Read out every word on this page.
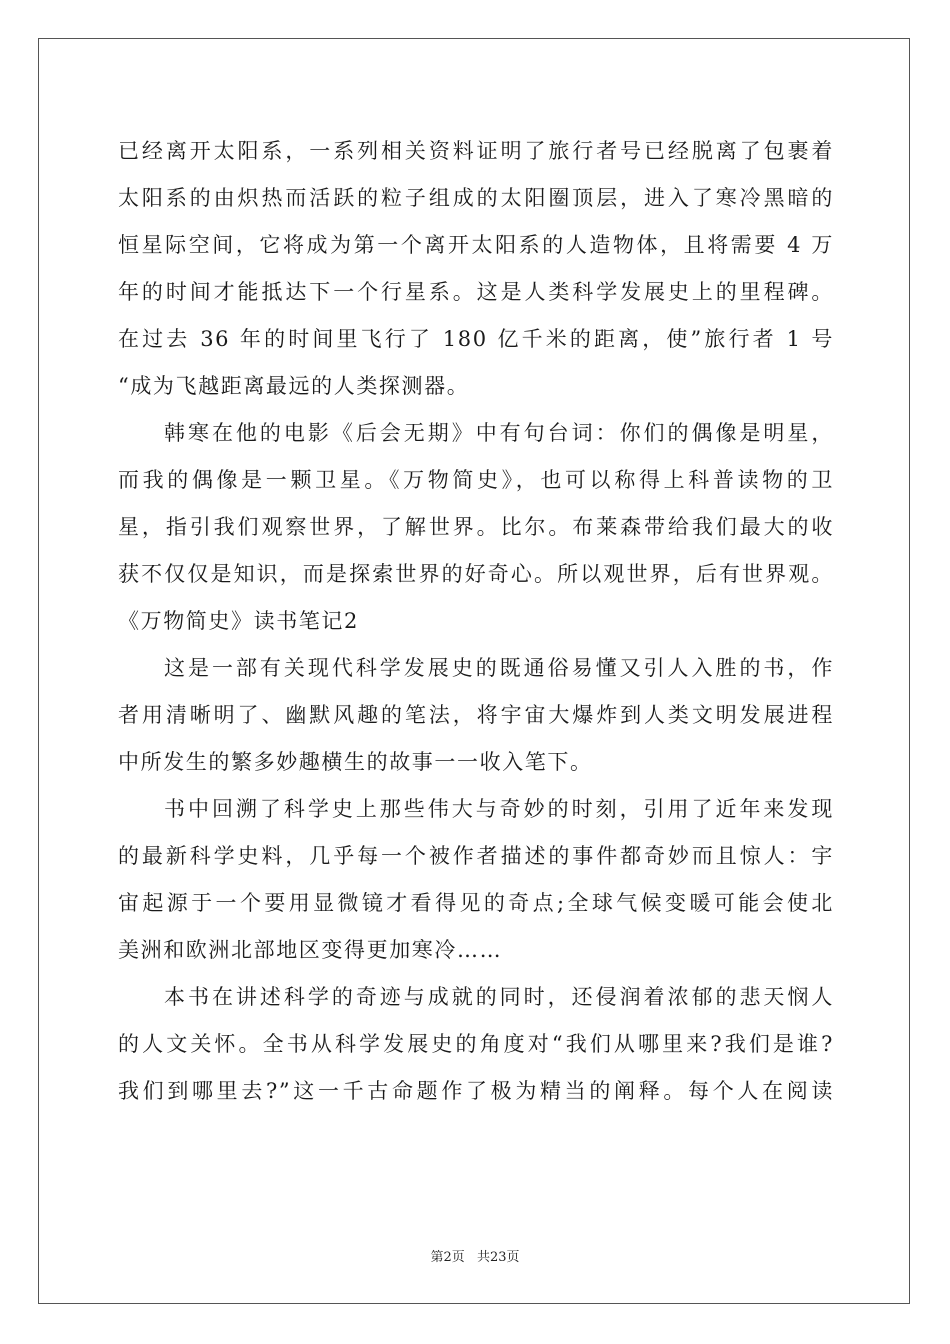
已经离开太阳系，一系列相关资料证明了旅行者号已经脱离了包裹着
太阳系的由炽热而活跃的粒子组成的太阳圈顶层，进入了寒冷黑暗的
恒星际空间，它将成为第一个离开太阳系的人造物体，且将需要 4 万
年的时间才能抵达下一个行星系。这是人类科学发展史上的里程碑。
在过去 36 年的时间里飞行了 180 亿千米的距离，使”旅行者 1 号
“成为飞越距离最远的人类探测器。
韩寒在他的电影《后会无期》中有句台词：你们的偶像是明星，
而我的偶像是一颗卫星。《万物简史》，也可以称得上科普读物的卫
星，指引我们观察世界，了解世界。比尔。布莱森带给我们最大的收
获不仅仅是知识，而是探索世界的好奇心。所以观世界，后有世界观。
《万物简史》读书笔记2
这是一部有关现代科学发展史的既通俗易懂又引人入胜的书，作
者用清晰明了、幽默风趣的笔法，将宇宙大爆炸到人类文明发展进程
中所发生的繁多妙趣横生的故事一一收入笔下。
书中回溯了科学史上那些伟大与奇妙的时刻，引用了近年来发现
的最新科学史料，几乎每一个被作者描述的事件都奇妙而且惊人：宇
宙起源于一个要用显微镜才看得见的奇点;全球气候变暖可能会使北
美洲和欧洲北部地区变得更加寒冷……
本书在讲述科学的奇迹与成就的同时，还侵润着浓郁的悲天悯人
的人文关怀。全书从科学发展史的角度对“我们从哪里来?我们是谁?
我们到哪里去?”这一千古命题作了极为精当的阐释。每个人在阅读
第2页 共23页
